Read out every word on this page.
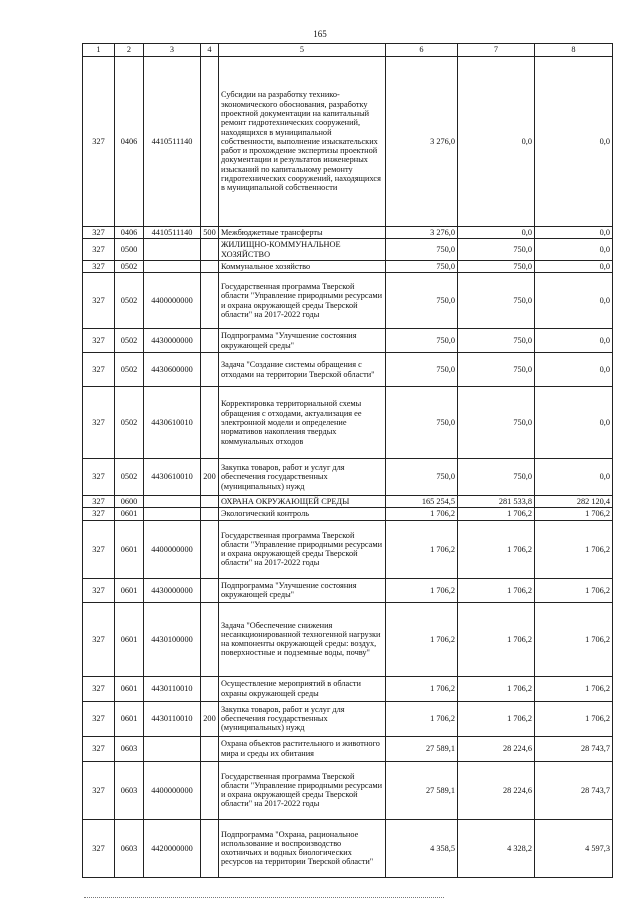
165
1	2	3	4	5	6	7	8
327	0406	4410511140		Субсидии на разработку технико-экономического обоснования, разработку проектной документации на капитальный ремонт гидротехнических сооружений, находящихся в муниципальной собственности, выполнение изыскательских работ и прохождение экспертизы проектной документации и результатов инженерных изысканий по капитальному ремонту гидротехнических сооружений, находящихся в муниципальной собственности	3 276,0	0,0	0,0
327	0406	4410511140	500	Межбюджетные трансферты	3 276,0	0,0	0,0
327	0500			ЖИЛИЩНО-КОММУНАЛЬНОЕ ХОЗЯЙСТВО	750,0	750,0	0,0
327	0502			Коммунальное хозяйство	750,0	750,0	0,0
327	0502	4400000000		Государственная программа Тверской области "Управление природными ресурсами и охрана окружающей среды Тверской области" на 2017-2022 годы	750,0	750,0	0,0
327	0502	4430000000		Подпрограмма "Улучшение состояния окружающей среды"	750,0	750,0	0,0
327	0502	4430600000		Задача "Создание системы обращения с отходами на территории Тверской области"	750,0	750,0	0,0
327	0502	4430610010		Корректировка территориальной схемы обращения с отходами, актуализация ее электронной модели и определение нормативов накопления твердых коммунальных отходов	750,0	750,0	0,0
327	0502	4430610010	200	Закупка товаров, работ и услуг для обеспечения государственных (муниципальных) нужд	750,0	750,0	0,0
327	0600			ОХРАНА ОКРУЖАЮЩЕЙ СРЕДЫ	165 254,5	281 533,8	282 120,4
327	0601			Экологический контроль	1 706,2	1 706,2	1 706,2
327	0601	4400000000		Государственная программа Тверской области "Управление природными ресурсами и охрана окружающей среды Тверской области" на 2017-2022 годы	1 706,2	1 706,2	1 706,2
327	0601	4430000000		Подпрограмма "Улучшение состояния окружающей среды"	1 706,2	1 706,2	1 706,2
327	0601	4430100000		Задача "Обеспечение снижения несанкционированной техногенной нагрузки на компоненты окружающей среды: воздух, поверхностные и подземные воды, почву"	1 706,2	1 706,2	1 706,2
327	0601	4430110010		Осуществление мероприятий в области охраны окружающей среды	1 706,2	1 706,2	1 706,2
327	0601	4430110010	200	Закупка товаров, работ и услуг для обеспечения государственных (муниципальных) нужд	1 706,2	1 706,2	1 706,2
327	0603			Охрана объектов растительного и животного мира и среды их обитания	27 589,1	28 224,6	28 743,7
327	0603	4400000000		Государственная программа Тверской области "Управление природными ресурсами и охрана окружающей среды Тверской области" на 2017-2022 годы	27 589,1	28 224,6	28 743,7
327	0603	4420000000		Подпрограмма "Охрана, рациональное использование и воспроизводство охотничьих и водных биологических ресурсов на территории Тверской области"	4 358,5	4 328,2	4 597,3
